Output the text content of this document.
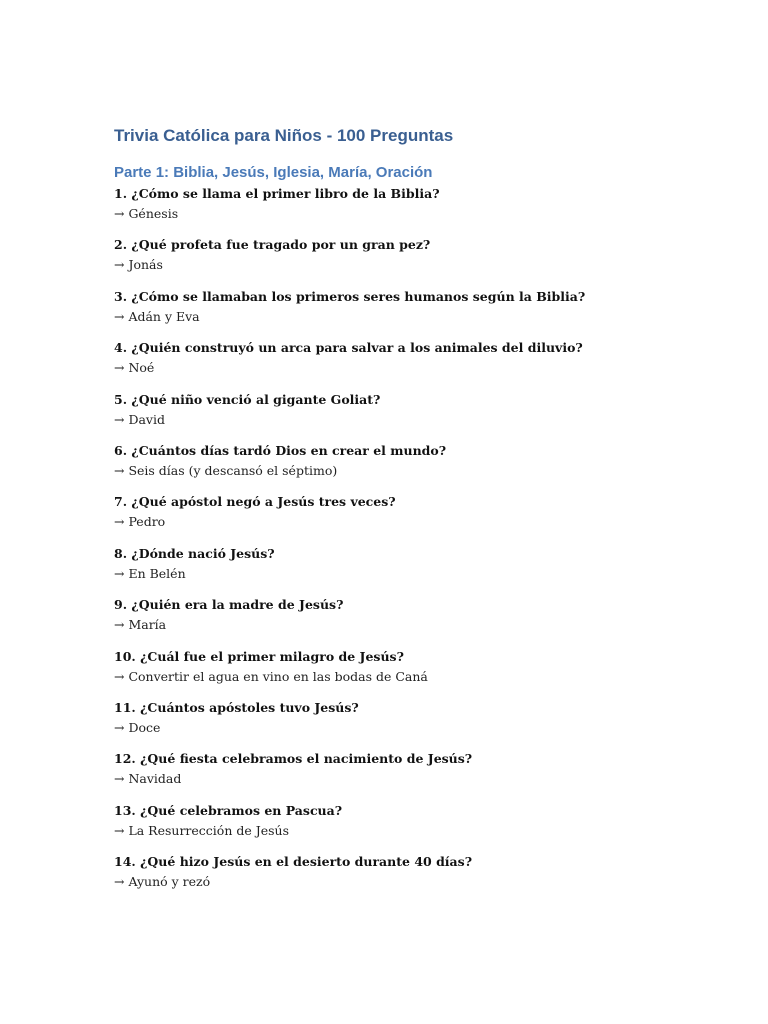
Trivia Católica para Niños - 100 Preguntas
Parte 1: Biblia, Jesús, Iglesia, María, Oración
1. ¿Cómo se llama el primer libro de la Biblia?
→ Génesis
2. ¿Qué profeta fue tragado por un gran pez?
→ Jonás
3. ¿Cómo se llamaban los primeros seres humanos según la Biblia?
→ Adán y Eva
4. ¿Quién construyó un arca para salvar a los animales del diluvio?
→ Noé
5. ¿Qué niño venció al gigante Goliat?
→ David
6. ¿Cuántos días tardó Dios en crear el mundo?
→ Seis días (y descansó el séptimo)
7. ¿Qué apóstol negó a Jesús tres veces?
→ Pedro
8. ¿Dónde nació Jesús?
→ En Belén
9. ¿Quién era la madre de Jesús?
→ María
10. ¿Cuál fue el primer milagro de Jesús?
→ Convertir el agua en vino en las bodas de Caná
11. ¿Cuántos apóstoles tuvo Jesús?
→ Doce
12. ¿Qué fiesta celebramos el nacimiento de Jesús?
→ Navidad
13. ¿Qué celebramos en Pascua?
→ La Resurrección de Jesús
14. ¿Qué hizo Jesús en el desierto durante 40 días?
→ Ayunó y rezó
